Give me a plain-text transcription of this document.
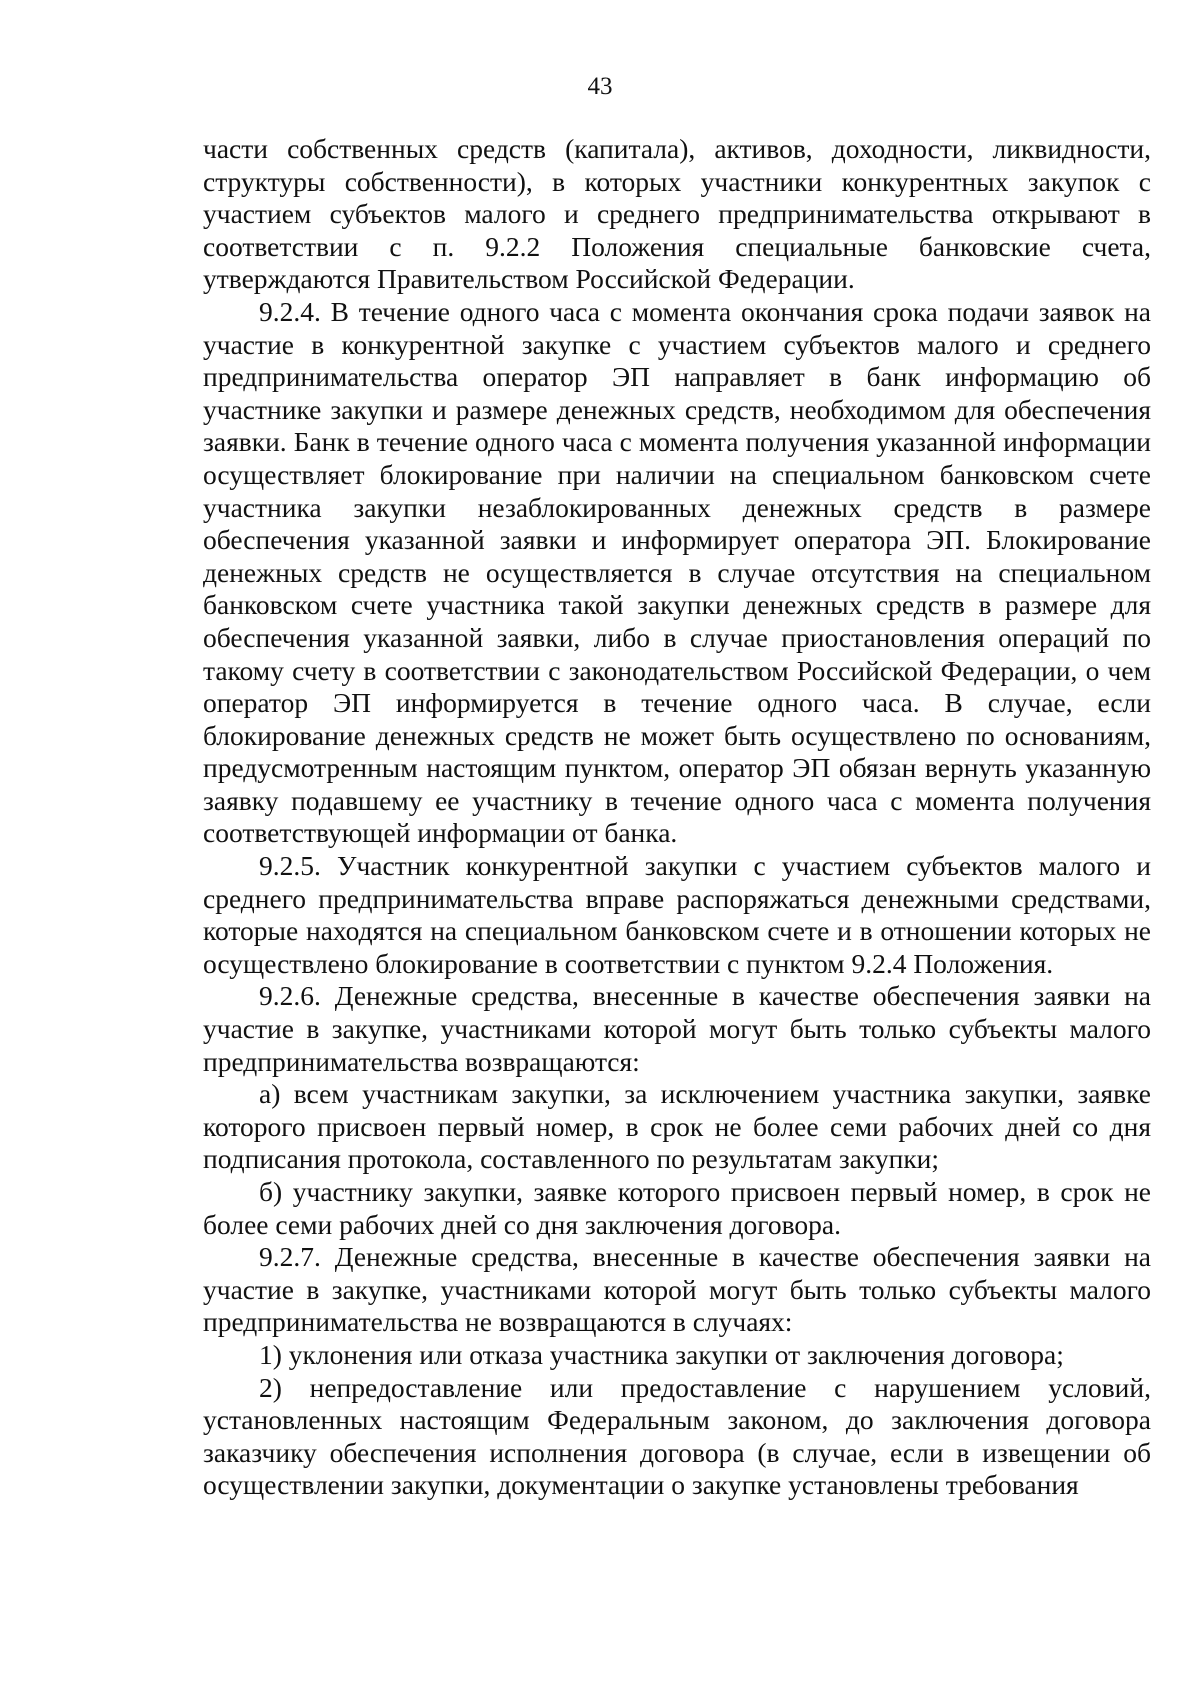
43

части собственных средств (капитала), активов, доходности, ликвидности, структуры собственности), в которых участники конкурентных закупок с участием субъектов малого и среднего предпринимательства открывают в соответствии с п. 9.2.2 Положения специальные банковские счета, утверждаются Правительством Российской Федерации.

9.2.4. В течение одного часа с момента окончания срока подачи заявок на участие в конкурентной закупке с участием субъектов малого и среднего предпринимательства оператор ЭП направляет в банк информацию об участнике закупки и размере денежных средств, необходимом для обеспечения заявки. Банк в течение одного часа с момента получения указанной информации осуществляет блокирование при наличии на специальном банковском счете участника закупки незаблокированных денежных средств в размере обеспечения указанной заявки и информирует оператора ЭП. Блокирование денежных средств не осуществляется в случае отсутствия на специальном банковском счете участника такой закупки денежных средств в размере для обеспечения указанной заявки, либо в случае приостановления операций по такому счету в соответствии с законодательством Российской Федерации, о чем оператор ЭП информируется в течение одного часа. В случае, если блокирование денежных средств не может быть осуществлено по основаниям, предусмотренным настоящим пунктом, оператор ЭП обязан вернуть указанную заявку подавшему ее участнику в течение одного часа с момента получения соответствующей информации от банка.

9.2.5. Участник конкурентной закупки с участием субъектов малого и среднего предпринимательства вправе распоряжаться денежными средствами, которые находятся на специальном банковском счете и в отношении которых не осуществлено блокирование в соответствии с пунктом 9.2.4 Положения.

9.2.6. Денежные средства, внесенные в качестве обеспечения заявки на участие в закупке, участниками которой могут быть только субъекты малого предпринимательства возвращаются:

а) всем участникам закупки, за исключением участника закупки, заявке которого присвоен первый номер, в срок не более семи рабочих дней со дня подписания протокола, составленного по результатам закупки;

б) участнику закупки, заявке которого присвоен первый номер, в срок не более семи рабочих дней со дня заключения договора.

9.2.7. Денежные средства, внесенные в качестве обеспечения заявки на участие в закупке, участниками которой могут быть только субъекты малого предпринимательства не возвращаются в случаях:

1) уклонения или отказа участника закупки от заключения договора;

2) непредоставление или предоставление с нарушением условий, установленных настоящим Федеральным законом, до заключения договора заказчику обеспечения исполнения договора (в случае, если в извещении об осуществлении закупки, документации о закупке установлены требования
